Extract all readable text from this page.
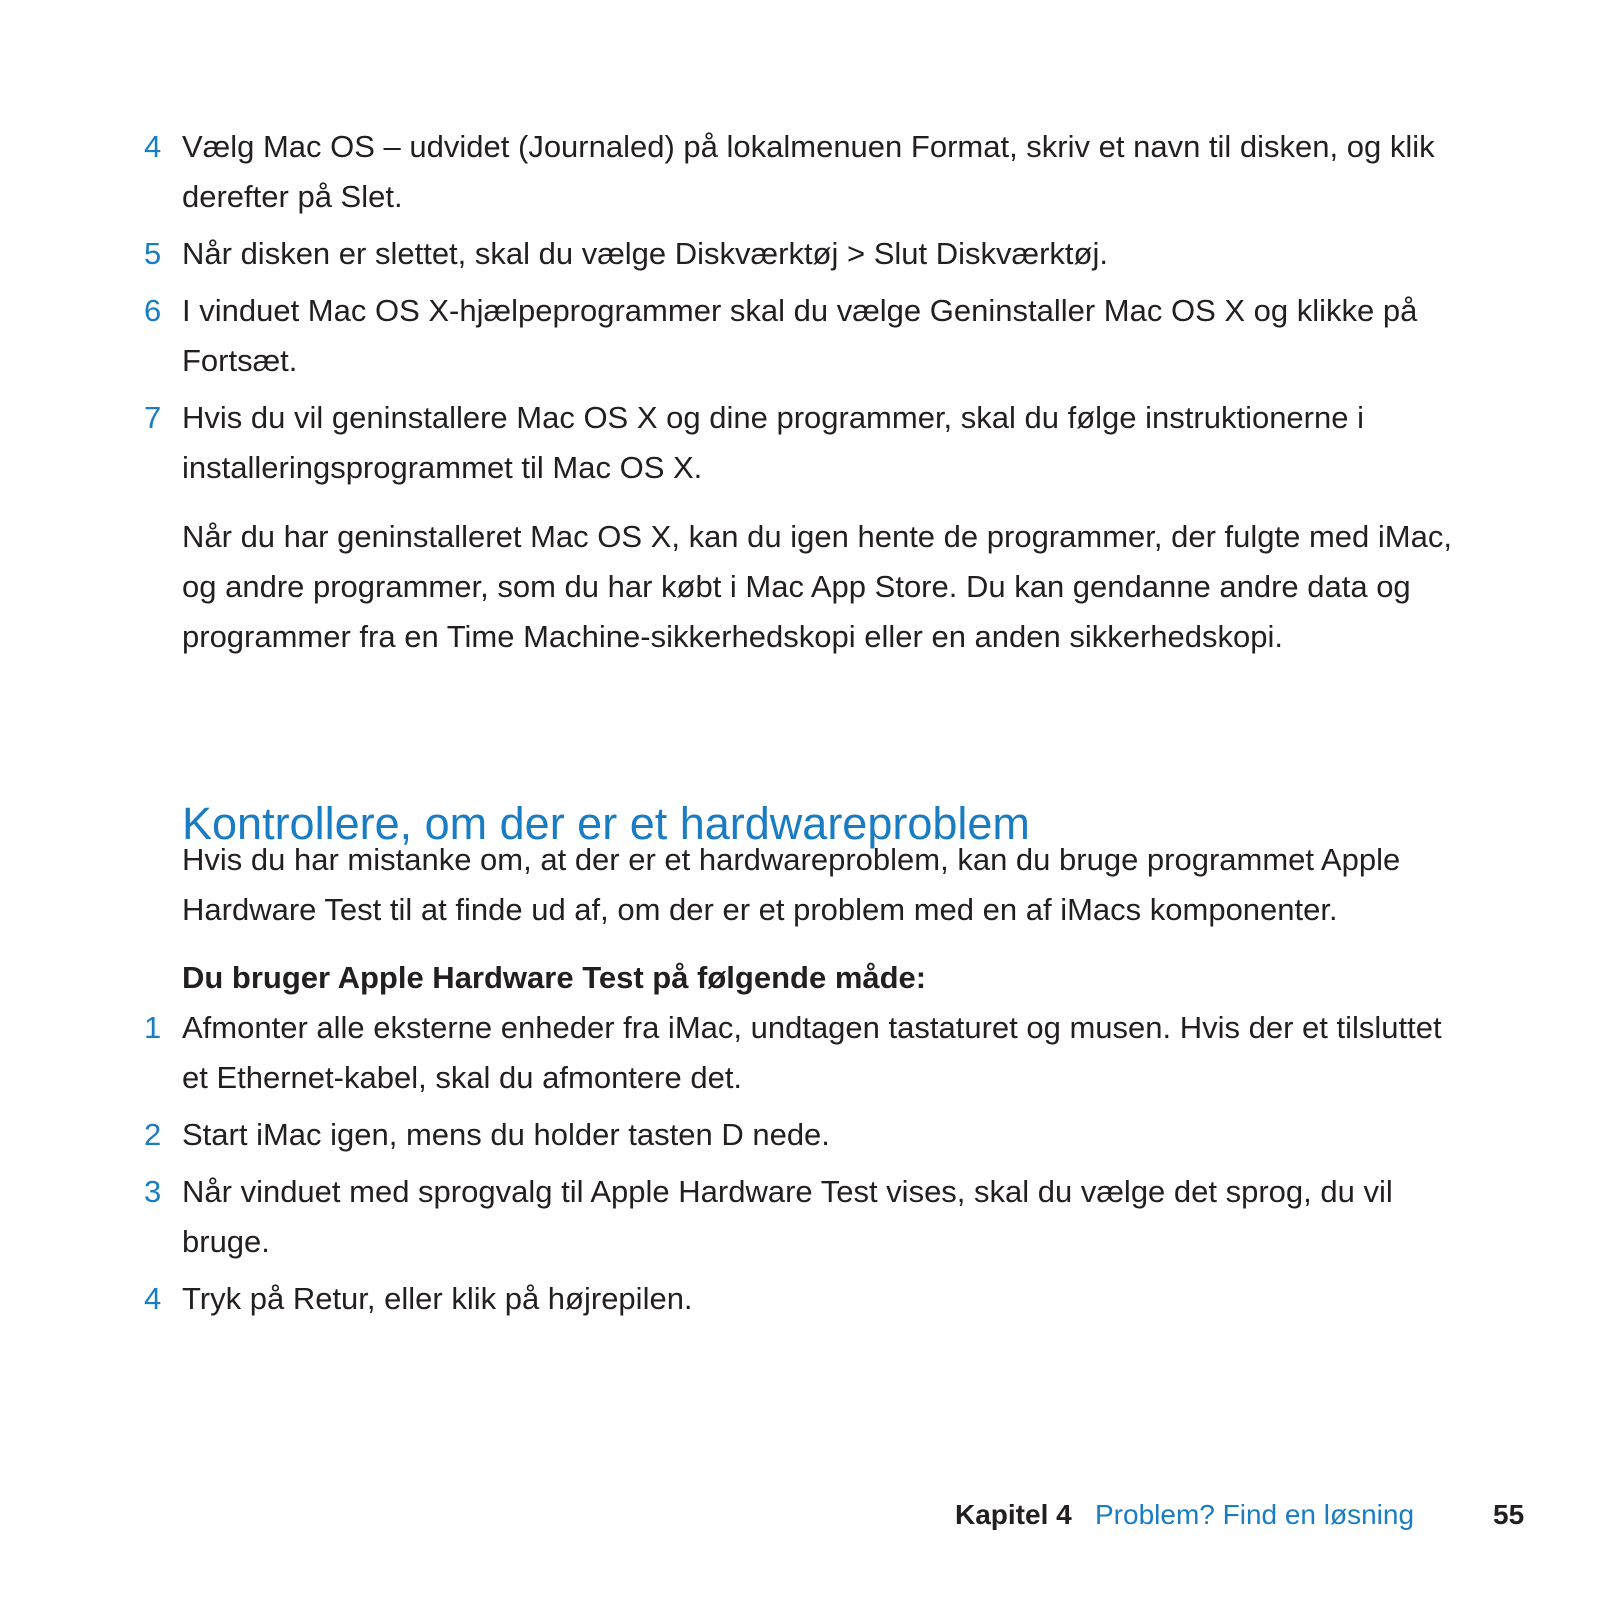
4 Vælg Mac OS – udvidet (Journaled) på lokalmenuen Format, skriv et navn til disken, og klik derefter på Slet.
5 Når disken er slettet, skal du vælge Diskværktøj > Slut Diskværktøj.
6 I vinduet Mac OS X-hjælpeprogrammer skal du vælge Geninstaller Mac OS X og klikke på Fortsæt.
7 Hvis du vil geninstallere Mac OS X og dine programmer, skal du følge instruktionerne i installeringsprogrammet til Mac OS X.

Når du har geninstalleret Mac OS X, kan du igen hente de programmer, der fulgte med iMac, og andre programmer, som du har købt i Mac App Store. Du kan gendanne andre data og programmer fra en Time Machine-sikkerhedskopi eller en anden sikkerhedskopi.

Kontrollere, om der er et hardwareproblem

Hvis du har mistanke om, at der er et hardwareproblem, kan du bruge programmet Apple Hardware Test til at finde ud af, om der er et problem med en af iMacs komponenter.

Du bruger Apple Hardware Test på følgende måde:

1 Afmonter alle eksterne enheder fra iMac, undtagen tastaturet og musen. Hvis der et tilsluttet et Ethernet-kabel, skal du afmontere det.
2 Start iMac igen, mens du holder tasten D nede.
3 Når vinduet med sprogvalg til Apple Hardware Test vises, skal du vælge det sprog, du vil bruge.
4 Tryk på Retur, eller klik på højrepilen.
Kapitel 4 Problem? Find en løsning	55
